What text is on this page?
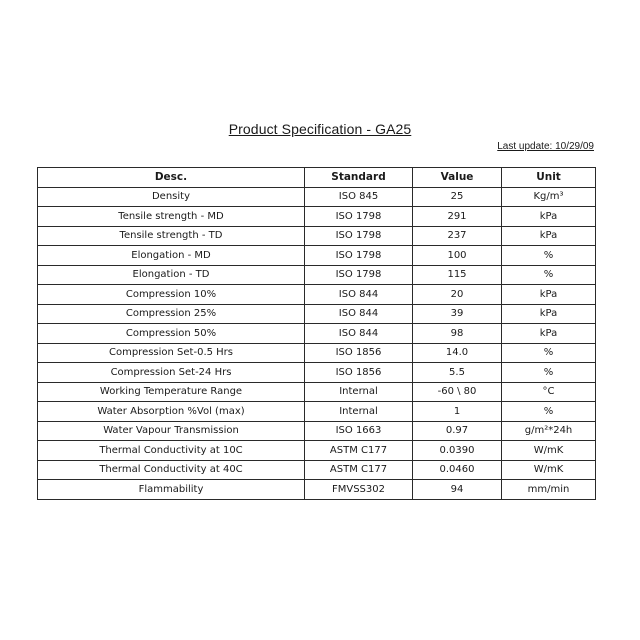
Product Specification - GA25
Last update: 10/29/09
Desc.	Standard	Value	Unit
Density	ISO 845	25	Kg/m³
Tensile strength - MD	ISO 1798	291	kPa
Tensile strength - TD	ISO 1798	237	kPa
Elongation - MD	ISO 1798	100	%
Elongation - TD	ISO 1798	115	%
Compression 10%	ISO 844	20	kPa
Compression 25%	ISO 844	39	kPa
Compression 50%	ISO 844	98	kPa
Compression Set-0.5 Hrs	ISO 1856	14.0	%
Compression Set-24 Hrs	ISO 1856	5.5	%
Working Temperature Range	Internal	-60 \ 80	°C
Water Absorption %Vol (max)	Internal	1	%
Water Vapour Transmission	ISO 1663	0.97	g/m²*24h
Thermal Conductivity at 10C	ASTM C177	0.0390	W/mK
Thermal Conductivity at 40C	ASTM C177	0.0460	W/mK
Flammability	FMVSS302	94	mm/min
